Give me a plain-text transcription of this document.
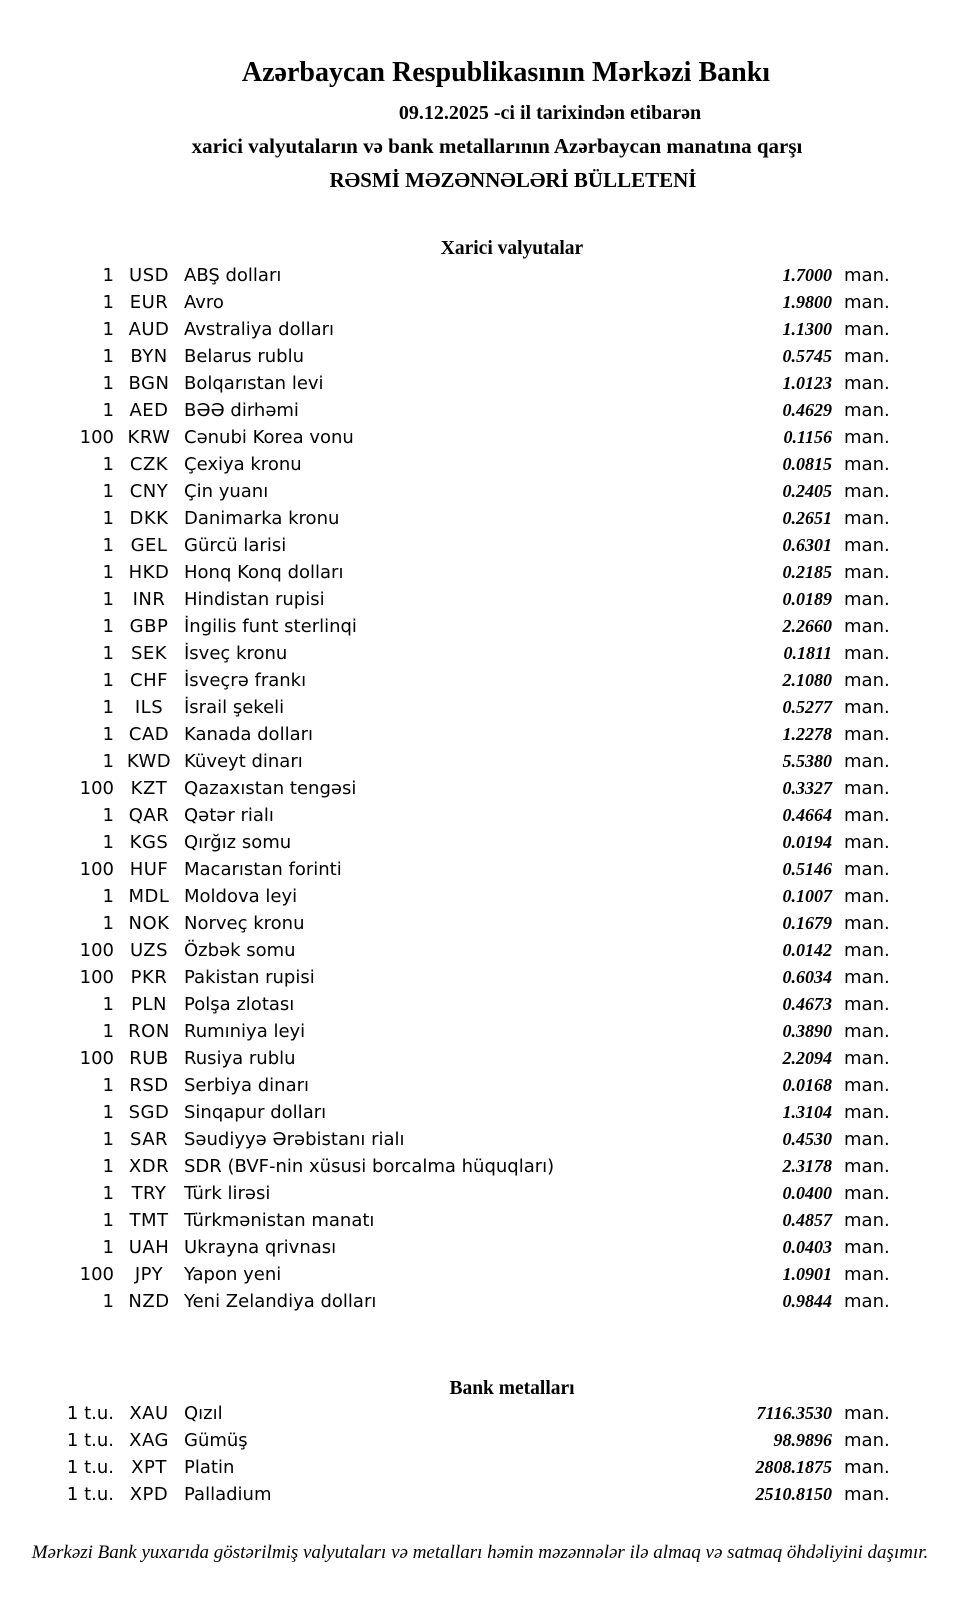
Azərbaycan Respublikasının Mərkəzi Bankı

09.12.2025 -ci il tarixindən etibarən

xarici valyutaların və bank metallarının Azərbaycan manatına qarşı

RƏSMİ MƏZƏNNƏLƏRİ BÜLLETENİ

Xarici valyutalar
1 USD ABŞ dolları	1.7000 man.
1 EUR Avro	1.9800 man.
1 AUD Avstraliya dolları	1.1300 man.
1 BYN Belarus rublu	0.5745 man.
1 BGN Bolqarıstan levi	1.0123 man.
1 AED BƏƏ dirhəmi	0.4629 man.
100 KRW Cənubi Korea vonu	0.1156 man.
1 CZK Çexiya kronu	0.0815 man.
1 CNY Çin yuanı	0.2405 man.
1 DKK Danimarka kronu	0.2651 man.
1 GEL Gürcü larisi	0.6301 man.
1 HKD Honq Konq dolları	0.2185 man.
1	INR	Hindistan rupisi	0.0189 man.
1 GBP İngilis funt sterlinqi	2.2660 man.
1 SEK İsveç kronu	0.1811 man.
1 CHF İsveçrə frankı	2.1080 man.
1	ILS	İsrail şekeli	0.5277 man.
1 CAD Kanada dolları	1.2278 man.
1 KWD Küveyt dinarı	5.5380 man.
100 KZT Qazaxıstan tengəsi	0.3327 man.
1 QAR Qətər rialı	0.4664 man.
1 KGS Qırğız somu	0.0194 man.
100 HUF Macarıstan forinti	0.5146 man.
1 MDL Moldova leyi	0.1007 man.
1 NOK Norveç kronu	0.1679 man.
100 UZS Özbək somu	0.0142 man.
100 PKR Pakistan rupisi	0.6034 man.
1 PLN Polşa zlotası	0.4673 man.
1 RON Rumıniya leyi	0.3890 man.
100 RUB Rusiya rublu	2.2094 man.
1 RSD Serbiya dinarı	0.0168 man.
1 SGD Sinqapur dolları	1.3104 man.
1 SAR Səudiyyə Ərəbistanı rialı	0.4530 man.
1 XDR SDR (BVF-nin xüsusi borcalma hüquqları)	2.3178 man.
1 TRY Türk lirəsi	0.0400 man.
1 TMT Türkmənistan manatı	0.4857 man.
1 UAH Ukrayna qrivnası	0.0403 man.
100	JPY	Yapon yeni	1.0901 man.
1 NZD Yeni Zelandiya dolları	0.9844 man.
Bank metalları
1 t.u. XAU Qızıl	7116.3530 man.
1 t.u. XAG Gümüş	98.9896 man.
1 t.u. XPT Platin	2808.1875 man.
1 t.u. XPD Palladium	2510.8150 man.

Mərkəzi Bank yuxarıda göstərilmiş valyutaları və metalları həmin məzənnələr ilə almaq və satmaq öhdəliyini daşımır.
